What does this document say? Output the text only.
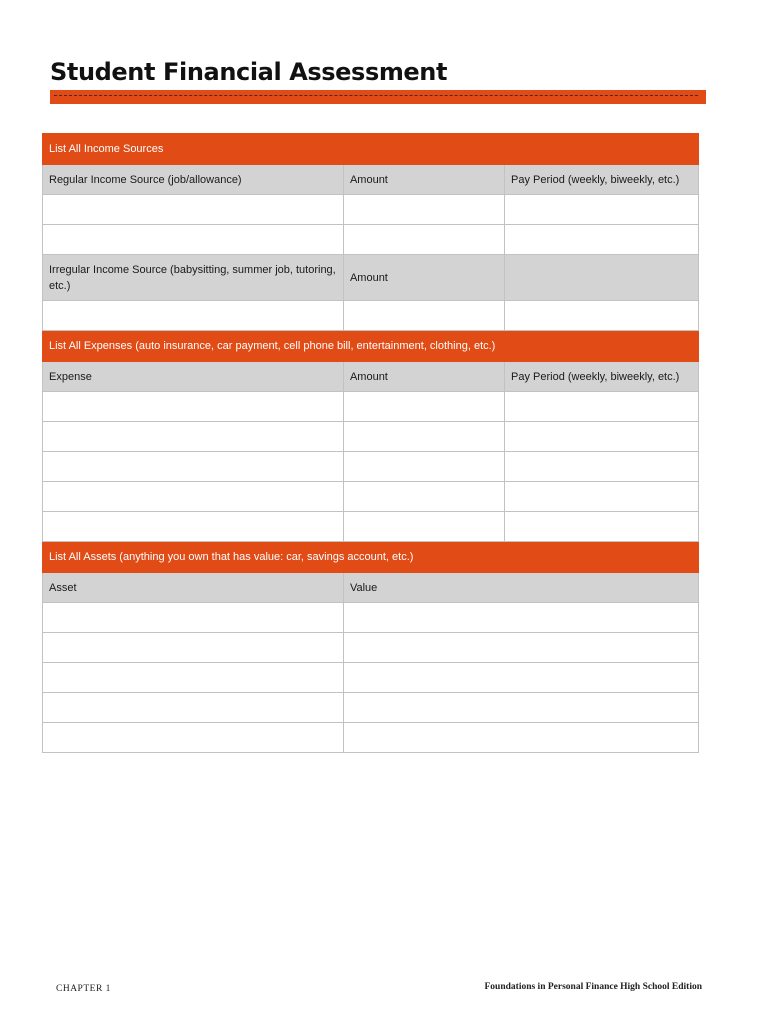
Student Financial Assessment
List All Income Sources		
Regular Income Source (job/allowance)	Amount	Pay Period (weekly, biweekly, etc.)

Irregular Income Source (babysitting, summer job, tutoring, etc.)	Amount	

List All Expenses (auto insurance, car payment, cell phone bill, entertainment, clothing, etc.)		
Expense	Amount	Pay Period (weekly, biweekly, etc.)

List All Assets (anything you own that has value: car, savings account, etc.)		
Asset	Value	

CHAPTER 1	Foundations in Personal Finance High School Edition
